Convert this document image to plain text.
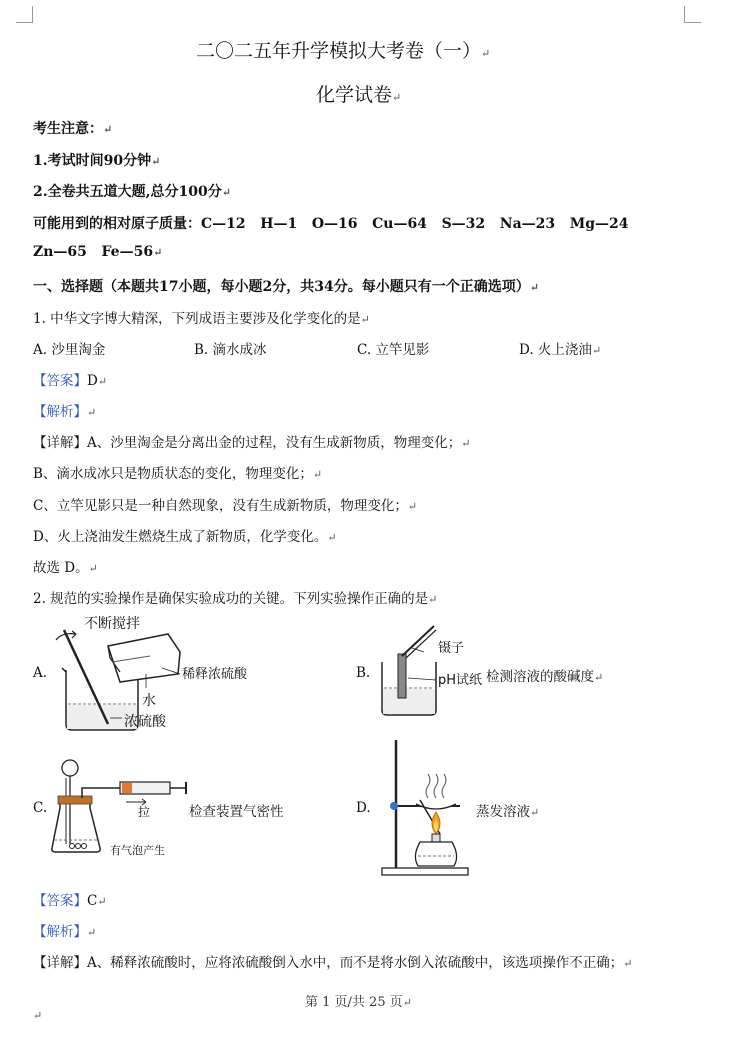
二〇二五年升学模拟大考卷（一）↵
化学试卷↵
考生注意：↵
1.考试时间90分钟↵
2.全卷共五道大题,总分100分↵
可能用到的相对原子质量：C—12   H—1   O—16   Cu—64   S—32   Na—23   Mg—24
Zn—65   Fe—56↵
一、选择题（本题共17小题，每小题2分，共34分。每小题只有一个正确选项）↵
1. 中华文字博大精深，下列成语主要涉及化学变化的是↵
A. 沙里淘金	B. 滴水成冰	C. 立竿见影	D. 火上浇油↵
【答案】D↵
【解析】↵
【详解】A、沙里淘金是分离出金的过程，没有生成新物质，物理变化；↵
B、滴水成冰只是物质状态的变化，物理变化；↵
C、立竿见影只是一种自然现象，没有生成新物质，物理变化；↵
D、火上浇油发生燃烧生成了新物质，化学变化。↵
故选 D。↵
2. 规范的实验操作是确保实验成功的关键。下列实验操作正确的是↵
A.
不断搅拌
稀释浓硫酸
水
浓硫酸
B.
镊子
pH试纸 检测溶液的酸碱度↵
C.	拉
有气泡产生
检查装置气密性	D.	蒸发溶液↵
【答案】C↵
【解析】↵
【详解】A、稀释浓硫酸时，应将浓硫酸倒入水中，而不是将水倒入浓硫酸中，该选项操作不正确；↵
第 1 页/共 25 页↵
↵
